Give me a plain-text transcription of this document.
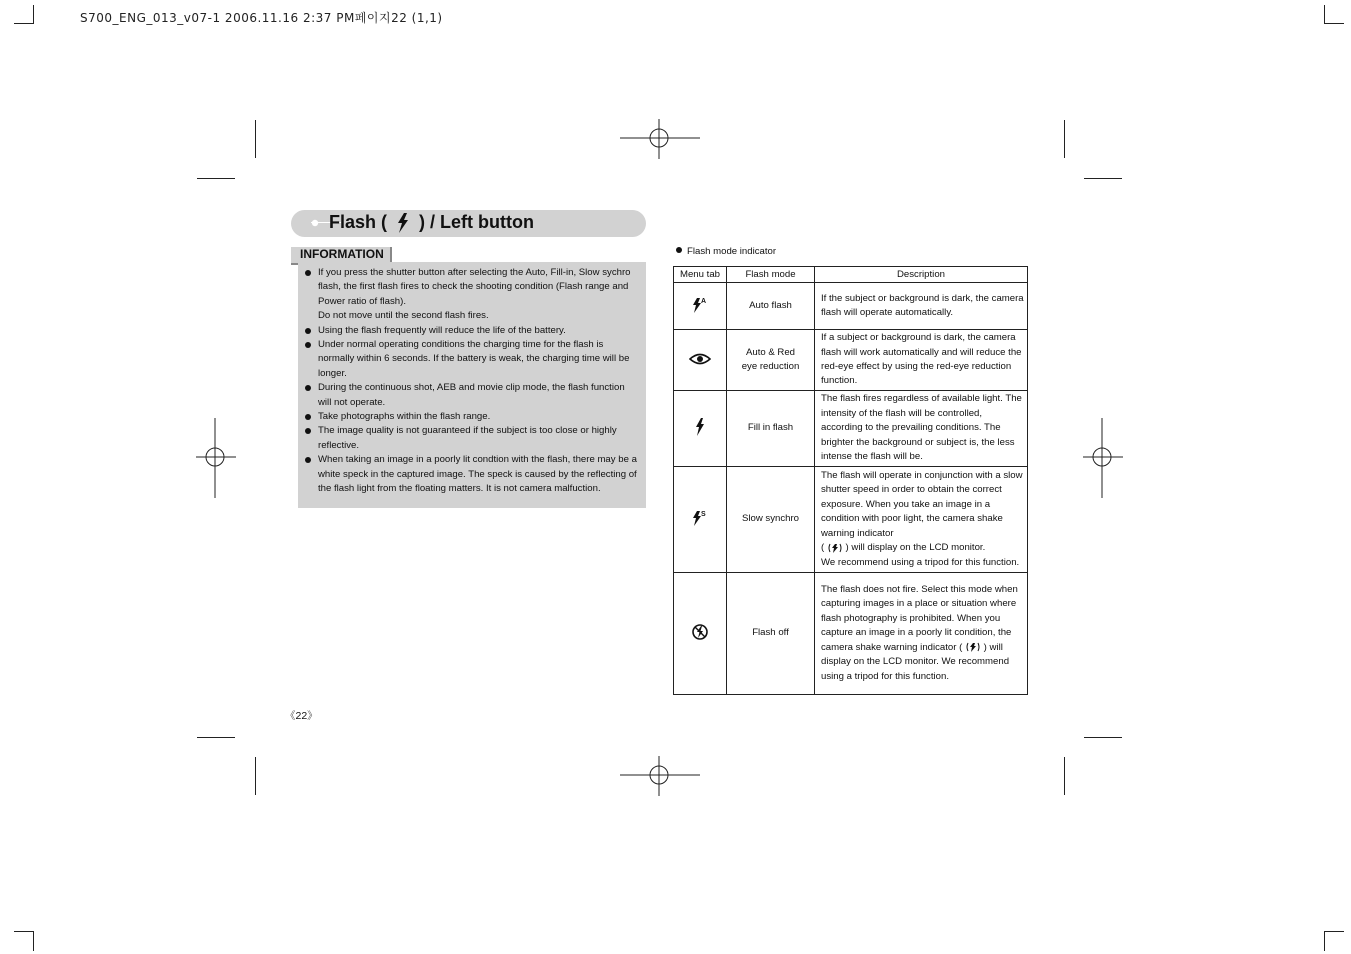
S700_ENG_013_v07-1 2006.11.16 2:37 PM페이지22 (1,1)
Flash ( ) / Left button
INFORMATION
If you press the shutter button after selecting the Auto, Fill-in, Slow sychro flash, the first flash fires to check the shooting condition (Flash range and Power ratio of flash).
Do not move until the second flash fires.
Using the flash frequently will reduce the life of the battery.
Under normal operating conditions the charging time for the flash is normally within 6 seconds. If the battery is weak, the charging time will be longer.
During the continuous shot, AEB and movie clip mode, the flash function will not operate.
Take photographs within the flash range.
The image quality is not guaranteed if the subject is too close or highly reflective.
When taking an image in a poorly lit condtion with the flash, there may be a white speck in the captured image. The speck is caused by the reflecting of the flash light from the floating matters. It is not camera malfuction.
Flash mode indicator
Menu tab	Flash mode	Description

A	Auto flash	If the subject or background is dark, the camera flash will operate automatically.
	Auto & Red eye reduction	If a subject or background is dark, the camera flash will work automatically and will reduce the red-eye effect by using the red-eye reduction function.
	Fill in flash	The flash fires regardless of available light. The intensity of the flash will be controlled, according to the prevailing conditions. The brighter the background or subject is, the less intense the flash will be.

S	Slow synchro	The flash will operate in conjunction with a slow shutter speed in order to obtain the correct exposure. When you take an image in a condition with poor light, the camera shake warning indicator
(  ) will display on the LCD monitor.
We recommend using a tripod for this function.
	Flash off	The flash does not fire. Select this mode when capturing images in a place or situation where flash photography is prohibited. When you capture an image in a poorly lit condition, the camera shake warning indicator (  ) will display on the LCD monitor. We recommend using a tripod for this function.
《22》
